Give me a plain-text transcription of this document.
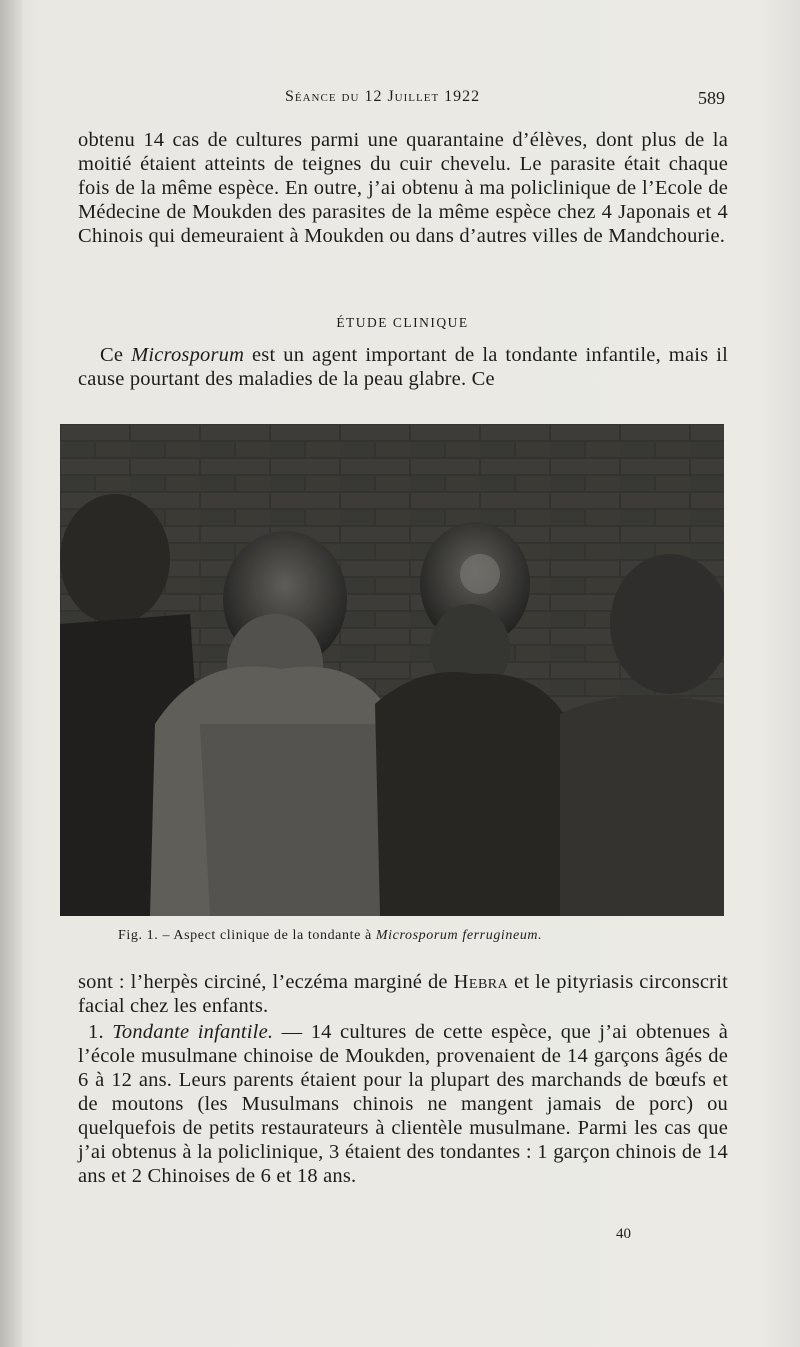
Séance du 12 Juillet 1922	589

obtenu 14 cas de cultures parmi une quarantaine d’élèves, dont plus de la moitié étaient atteints de teignes du cuir chevelu. Le parasite était chaque fois de la même espèce. En outre, j’ai obtenu à ma policlinique de l’Ecole de Médecine de Moukden des parasites de la même espèce chez 4 Japonais et 4 Chinois qui demeuraient à Moukden ou dans d’autres villes de Mandchourie.

ÉTUDE CLINIQUE

Ce Microsporum est un agent important de la tondante infantile, mais il cause pourtant des maladies de la peau glabre. Ce

Fig. 1. – Aspect clinique de la tondante à Microsporum ferrugineum.

sont : l’herpès circiné, l’eczéma marginé de Hebra et le pityriasis circonscrit facial chez les enfants.

1. Tondante infantile. — 14 cultures de cette espèce, que j’ai obtenues à l’école musulmane chinoise de Moukden, provenaient de 14 garçons âgés de 6 à 12 ans. Leurs parents étaient pour la plupart des marchands de bœufs et de moutons (les Musulmans chinois ne mangent jamais de porc) ou quelquefois de petits restaurateurs à clientèle musulmane. Parmi les cas que j’ai obtenus à la policlinique, 3 étaient des tondantes : 1 garçon chinois de 14 ans et 2 Chinoises de 6 et 18 ans.

40
